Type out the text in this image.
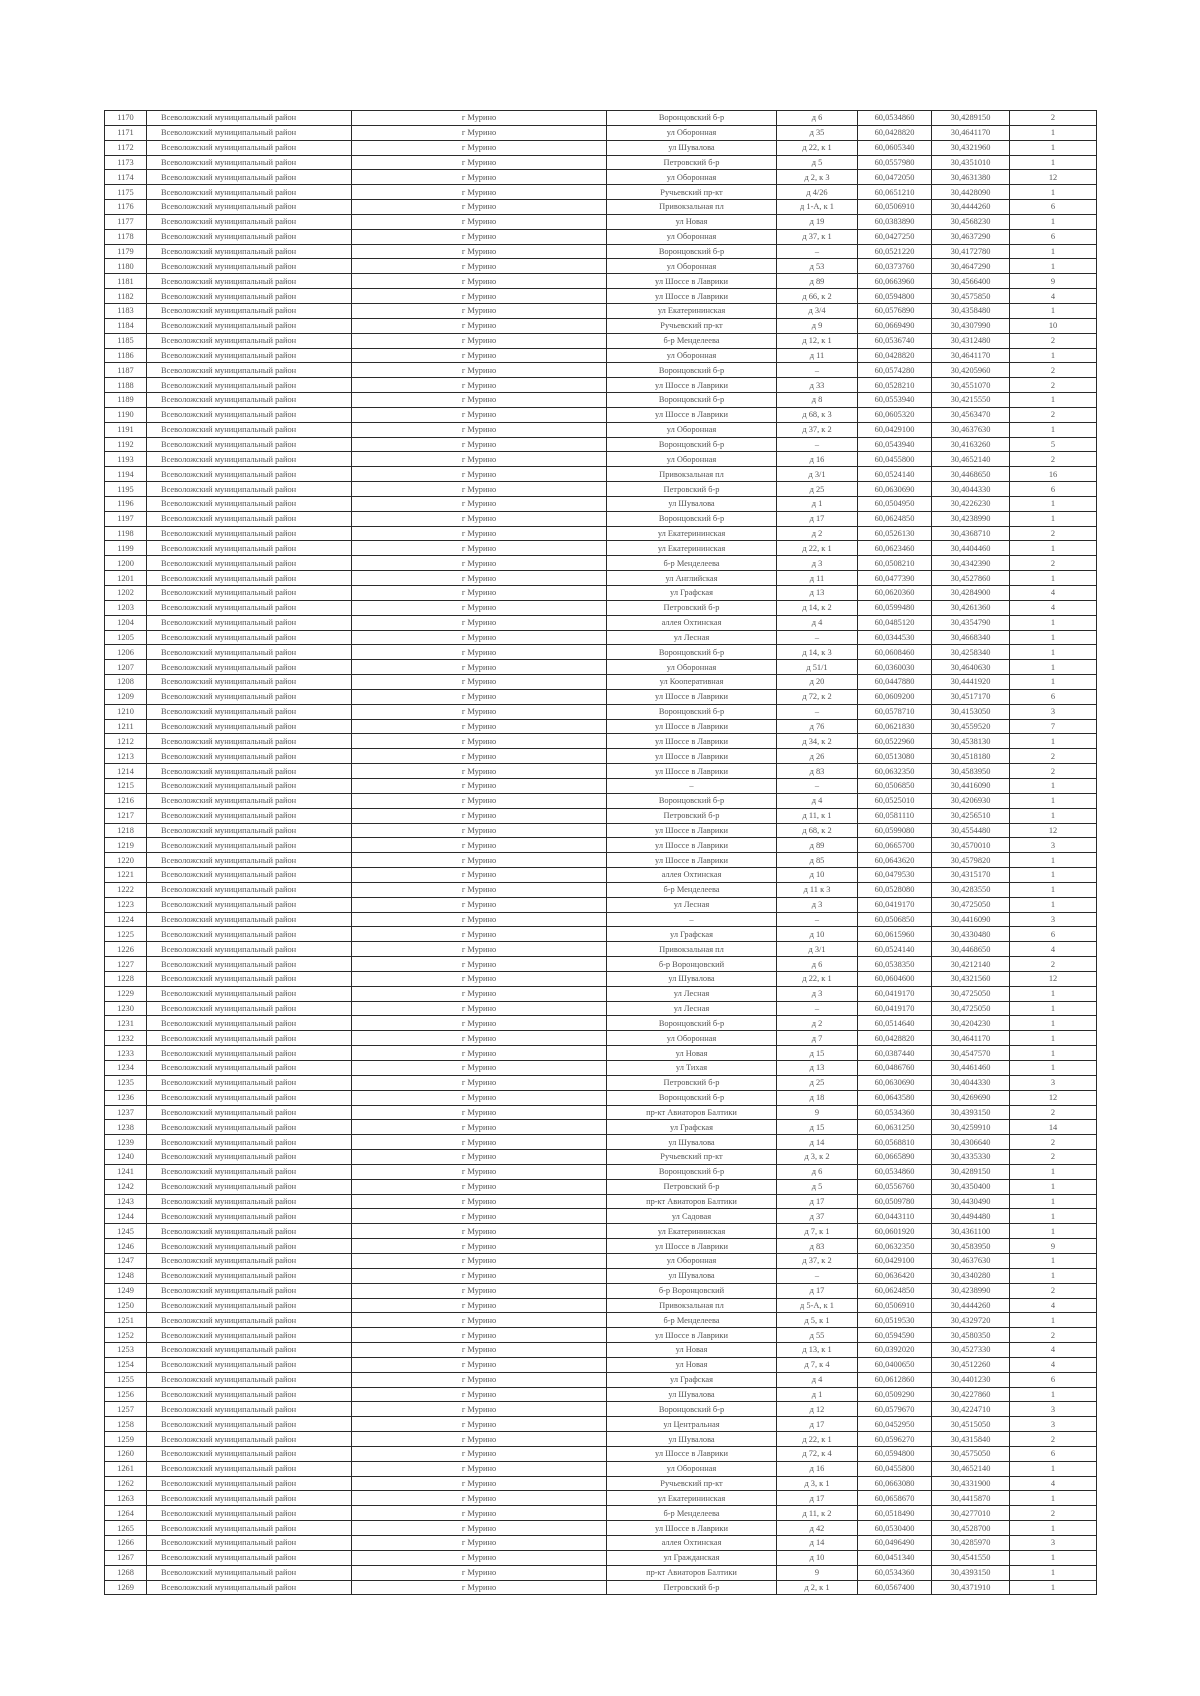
1170	Всеволожский муниципальный район	г Мурино	Воронцовский б-р	д 6	60,0534860	30,4289150	2
1171	Всеволожский муниципальный район	г Мурино	ул Оборонная	д 35	60,0428820	30,4641170	1
1172	Всеволожский муниципальный район	г Мурино	ул Шувалова	д 22, к 1	60,0605340	30,4321960	1
1173	Всеволожский муниципальный район	г Мурино	Петровский б-р	д 5	60,0557980	30,4351010	1
1174	Всеволожский муниципальный район	г Мурино	ул Оборонная	д 2, к 3	60,0472050	30,4631380	12
1175	Всеволожский муниципальный район	г Мурино	Ручьевский пр-кт	д 4/26	60,0651210	30,4428090	1
1176	Всеволожский муниципальный район	г Мурино	Привокзальная пл	д 1-А, к 1	60,0506910	30,4444260	6
1177	Всеволожский муниципальный район	г Мурино	ул Новая	д 19	60,0383890	30,4568230	1
1178	Всеволожский муниципальный район	г Мурино	ул Оборонная	д 37, к 1	60,0427250	30,4637290	6
1179	Всеволожский муниципальный район	г Мурино	Воронцовский б-р	–	60,0521220	30,4172780	1
1180	Всеволожский муниципальный район	г Мурино	ул Оборонная	д 53	60,0373760	30,4647290	1
1181	Всеволожский муниципальный район	г Мурино	ул Шоссе в Лаврики	д 89	60,0663960	30,4566400	9
1182	Всеволожский муниципальный район	г Мурино	ул Шоссе в Лаврики	д 66, к 2	60,0594800	30,4575850	4
1183	Всеволожский муниципальный район	г Мурино	ул Екатерининская	д 3/4	60,0576890	30,4358480	1
1184	Всеволожский муниципальный район	г Мурино	Ручьевский пр-кт	д 9	60,0669490	30,4307990	10
1185	Всеволожский муниципальный район	г Мурино	б-р Менделеева	д 12, к 1	60,0536740	30,4312480	2
1186	Всеволожский муниципальный район	г Мурино	ул Оборонная	д 11	60,0428820	30,4641170	1
1187	Всеволожский муниципальный район	г Мурино	Воронцовский б-р	–	60,0574280	30,4205960	2
1188	Всеволожский муниципальный район	г Мурино	ул Шоссе в Лаврики	д 33	60,0528210	30,4551070	2
1189	Всеволожский муниципальный район	г Мурино	Воронцовский б-р	д 8	60,0553940	30,4215550	1
1190	Всеволожский муниципальный район	г Мурино	ул Шоссе в Лаврики	д 68, к 3	60,0605320	30,4563470	2
1191	Всеволожский муниципальный район	г Мурино	ул Оборонная	д 37, к 2	60,0429100	30,4637630	1
1192	Всеволожский муниципальный район	г Мурино	Воронцовский б-р	–	60,0543940	30,4163260	5
1193	Всеволожский муниципальный район	г Мурино	ул Оборонная	д 16	60,0455800	30,4652140	2
1194	Всеволожский муниципальный район	г Мурино	Привокзальная пл	д 3/1	60,0524140	30,4468650	16
1195	Всеволожский муниципальный район	г Мурино	Петровский б-р	д 25	60,0630690	30,4044330	6
1196	Всеволожский муниципальный район	г Мурино	ул Шувалова	д 1	60,0504950	30,4226230	1
1197	Всеволожский муниципальный район	г Мурино	Воронцовский б-р	д 17	60,0624850	30,4238990	1
1198	Всеволожский муниципальный район	г Мурино	ул Екатерининская	д 2	60,0526130	30,4368710	2
1199	Всеволожский муниципальный район	г Мурино	ул Екатерининская	д 22, к 1	60,0623460	30,4404460	1
1200	Всеволожский муниципальный район	г Мурино	б-р Менделеева	д 3	60,0508210	30,4342390	2
1201	Всеволожский муниципальный район	г Мурино	ул Английская	д 11	60,0477390	30,4527860	1
1202	Всеволожский муниципальный район	г Мурино	ул Графская	д 13	60,0620360	30,4284900	4
1203	Всеволожский муниципальный район	г Мурино	Петровский б-р	д 14, к 2	60,0599480	30,4261360	4
1204	Всеволожский муниципальный район	г Мурино	аллея Охтинская	д 4	60,0485120	30,4354790	1
1205	Всеволожский муниципальный район	г Мурино	ул Лесная	–	60,0344530	30,4668340	1
1206	Всеволожский муниципальный район	г Мурино	Воронцовский б-р	д 14, к 3	60,0608460	30,4258340	1
1207	Всеволожский муниципальный район	г Мурино	ул Оборонная	д 51/1	60,0360030	30,4640630	1
1208	Всеволожский муниципальный район	г Мурино	ул Кооперативная	д 20	60,0447880	30,4441920	1
1209	Всеволожский муниципальный район	г Мурино	ул Шоссе в Лаврики	д 72, к 2	60,0609200	30,4517170	6
1210	Всеволожский муниципальный район	г Мурино	Воронцовский б-р	–	60,0578710	30,4153050	3
1211	Всеволожский муниципальный район	г Мурино	ул Шоссе в Лаврики	д 76	60,0621830	30,4559520	7
1212	Всеволожский муниципальный район	г Мурино	ул Шоссе в Лаврики	д 34, к 2	60,0522960	30,4538130	1
1213	Всеволожский муниципальный район	г Мурино	ул Шоссе в Лаврики	д 26	60,0513080	30,4518180	2
1214	Всеволожский муниципальный район	г Мурино	ул Шоссе в Лаврики	д 83	60,0632350	30,4583950	2
1215	Всеволожский муниципальный район	г Мурино	–	–	60,0506850	30,4416090	1
1216	Всеволожский муниципальный район	г Мурино	Воронцовский б-р	д 4	60,0525010	30,4206930	1
1217	Всеволожский муниципальный район	г Мурино	Петровский б-р	д 11, к 1	60,0581110	30,4256510	1
1218	Всеволожский муниципальный район	г Мурино	ул Шоссе в Лаврики	д 68, к 2	60,0599080	30,4554480	12
1219	Всеволожский муниципальный район	г Мурино	ул Шоссе в Лаврики	д 89	60,0665700	30,4570010	3
1220	Всеволожский муниципальный район	г Мурино	ул Шоссе в Лаврики	д 85	60,0643620	30,4579820	1
1221	Всеволожский муниципальный район	г Мурино	аллея Охтинская	д 10	60,0479530	30,4315170	1
1222	Всеволожский муниципальный район	г Мурино	б-р Менделеева	д 11 к 3	60,0528080	30,4283550	1
1223	Всеволожский муниципальный район	г Мурино	ул Лесная	д 3	60,0419170	30,4725050	1
1224	Всеволожский муниципальный район	г Мурино	–	–	60,0506850	30,4416090	3
1225	Всеволожский муниципальный район	г Мурино	ул Графская	д 10	60,0615960	30,4330480	6
1226	Всеволожский муниципальный район	г Мурино	Привокзальная пл	д 3/1	60,0524140	30,4468650	4
1227	Всеволожский муниципальный район	г Мурино	б-р Воронцовский	д 6	60,0538350	30,4212140	2
1228	Всеволожский муниципальный район	г Мурино	ул Шувалова	д 22, к 1	60,0604600	30,4321560	12
1229	Всеволожский муниципальный район	г Мурино	ул Лесная	д 3	60,0419170	30,4725050	1
1230	Всеволожский муниципальный район	г Мурино	ул Лесная	–	60,0419170	30,4725050	1
1231	Всеволожский муниципальный район	г Мурино	Воронцовский б-р	д 2	60,0514640	30,4204230	1
1232	Всеволожский муниципальный район	г Мурино	ул Оборонная	д 7	60,0428820	30,4641170	1
1233	Всеволожский муниципальный район	г Мурино	ул Новая	д 15	60,0387440	30,4547570	1
1234	Всеволожский муниципальный район	г Мурино	ул Тихая	д 13	60,0486760	30,4461460	1
1235	Всеволожский муниципальный район	г Мурино	Петровский б-р	д 25	60,0630690	30,4044330	3
1236	Всеволожский муниципальный район	г Мурино	Воронцовский б-р	д 18	60,0643580	30,4269690	12
1237	Всеволожский муниципальный район	г Мурино	пр-кт Авиаторов Балтики	9	60,0534360	30,4393150	2
1238	Всеволожский муниципальный район	г Мурино	ул Графская	д 15	60,0631250	30,4259910	14
1239	Всеволожский муниципальный район	г Мурино	ул Шувалова	д 14	60,0568810	30,4306640	2
1240	Всеволожский муниципальный район	г Мурино	Ручьевский пр-кт	д 3, к 2	60,0665890	30,4335330	2
1241	Всеволожский муниципальный район	г Мурино	Воронцовский б-р	д 6	60,0534860	30,4289150	1
1242	Всеволожский муниципальный район	г Мурино	Петровский б-р	д 5	60,0556760	30,4350400	1
1243	Всеволожский муниципальный район	г Мурино	пр-кт Авиаторов Балтики	д 17	60,0509780	30,4430490	1
1244	Всеволожский муниципальный район	г Мурино	ул Садовая	д 37	60,0443110	30,4494480	1
1245	Всеволожский муниципальный район	г Мурино	ул Екатерининская	д 7, к 1	60,0601920	30,4361100	1
1246	Всеволожский муниципальный район	г Мурино	ул Шоссе в Лаврики	д 83	60,0632350	30,4583950	9
1247	Всеволожский муниципальный район	г Мурино	ул Оборонная	д 37, к 2	60,0429100	30,4637630	1
1248	Всеволожский муниципальный район	г Мурино	ул Шувалова	–	60,0636420	30,4340280	1
1249	Всеволожский муниципальный район	г Мурино	б-р Воронцовский	д 17	60,0624850	30,4238990	2
1250	Всеволожский муниципальный район	г Мурино	Привокзальная пл	д 5-А, к 1	60,0506910	30,4444260	4
1251	Всеволожский муниципальный район	г Мурино	б-р Менделеева	д 5, к 1	60,0519530	30,4329720	1
1252	Всеволожский муниципальный район	г Мурино	ул Шоссе в Лаврики	д 55	60,0594590	30,4580350	2
1253	Всеволожский муниципальный район	г Мурино	ул Новая	д 13, к 1	60,0392020	30,4527330	4
1254	Всеволожский муниципальный район	г Мурино	ул Новая	д 7, к 4	60,0400650	30,4512260	4
1255	Всеволожский муниципальный район	г Мурино	ул Графская	д 4	60,0612860	30,4401230	6
1256	Всеволожский муниципальный район	г Мурино	ул Шувалова	д 1	60,0509290	30,4227860	1
1257	Всеволожский муниципальный район	г Мурино	Воронцовский б-р	д 12	60,0579670	30,4224710	3
1258	Всеволожский муниципальный район	г Мурино	ул Центральная	д 17	60,0452950	30,4515050	3
1259	Всеволожский муниципальный район	г Мурино	ул Шувалова	д 22, к 1	60,0596270	30,4315840	2
1260	Всеволожский муниципальный район	г Мурино	ул Шоссе в Лаврики	д 72, к 4	60,0594800	30,4575050	6
1261	Всеволожский муниципальный район	г Мурино	ул Оборонная	д 16	60,0455800	30,4652140	1
1262	Всеволожский муниципальный район	г Мурино	Ручьевский пр-кт	д 3, к 1	60,0663080	30,4331900	4
1263	Всеволожский муниципальный район	г Мурино	ул Екатерининская	д 17	60,0658670	30,4415870	1
1264	Всеволожский муниципальный район	г Мурино	б-р Менделеева	д 11, к 2	60,0518490	30,4277010	2
1265	Всеволожский муниципальный район	г Мурино	ул Шоссе в Лаврики	д 42	60,0530400	30,4528700	1
1266	Всеволожский муниципальный район	г Мурино	аллея Охтинская	д 14	60,0496490	30,4285970	3
1267	Всеволожский муниципальный район	г Мурино	ул Гражданская	д 10	60,0451340	30,4541550	1
1268	Всеволожский муниципальный район	г Мурино	пр-кт Авиаторов Балтики	9	60,0534360	30,4393150	1
1269	Всеволожский муниципальный район	г Мурино	Петровский б-р	д 2, к 1	60,0567400	30,4371910	1
